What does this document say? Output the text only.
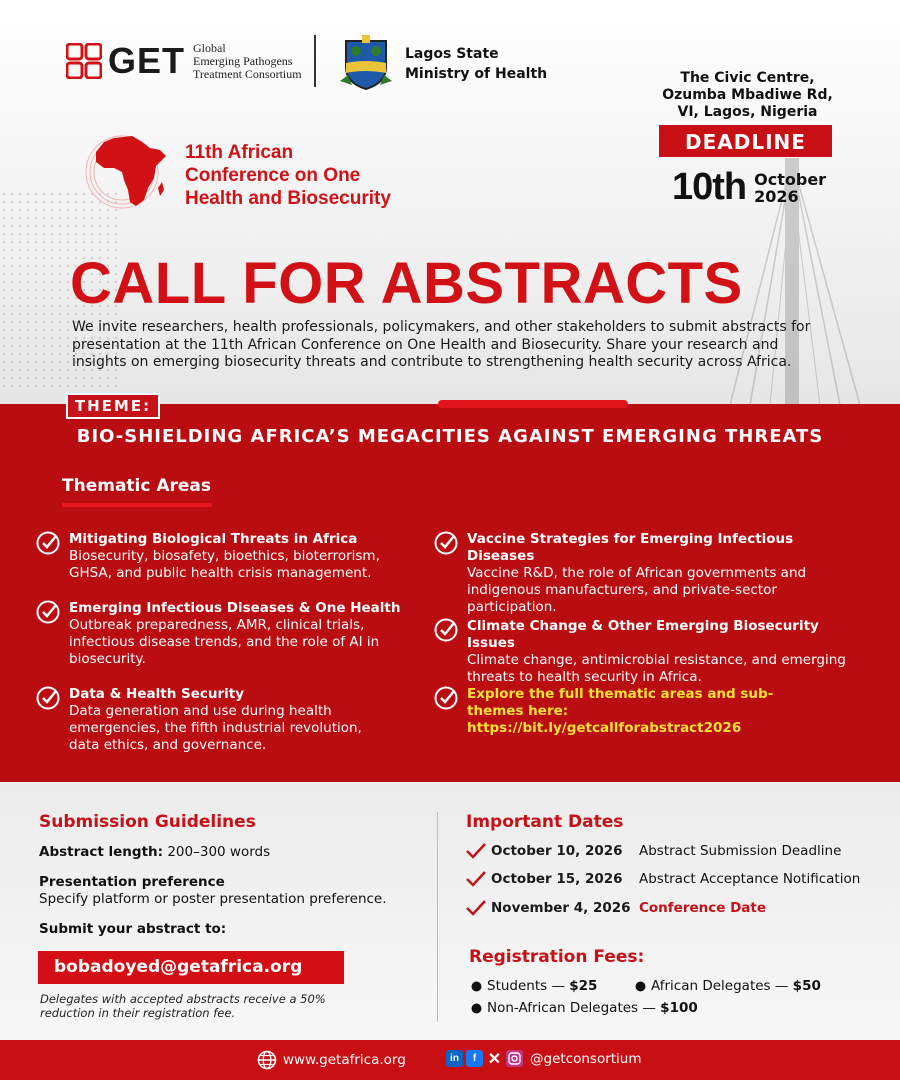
GET Global
Emerging Pathogens
Treatment Consortium
Lagos State
Ministry of Health	The Civic Centre,
Ozumba Mbadiwe Rd,
VI, Lagos, Nigeria
DEADLINE
10th October
2026
11th African
Conference on One
Health and Biosecurity
CALL FOR ABSTRACTS
We invite researchers, health professionals, policymakers, and other stakeholders to submit abstracts for presentation at the 11th African Conference on One Health and Biosecurity. Share your research and insights on emerging biosecurity threats and contribute to strengthening health security across Africa.
THEME:
BIO-SHIELDING AFRICA’S MEGACITIES AGAINST EMERGING THREATS
Thematic Areas
Mitigating Biological Threats in Africa
Biosecurity, biosafety, bioethics, bioterrorism, GHSA, and public health crisis management.
Emerging Infectious Diseases & One Health
Outbreak preparedness, AMR, clinical trials, infectious disease trends, and the role of AI in biosecurity.
Data & Health Security
Data generation and use during health emergencies, the fifth industrial revolution, data ethics, and governance.
Vaccine Strategies for Emerging Infectious Diseases
Vaccine R&D, the role of African governments and indigenous manufacturers, and private-sector participation.
Climate Change & Other Emerging Biosecurity Issues
Climate change, antimicrobial resistance, and emerging threats to health security in Africa.
Explore the full thematic areas and sub-themes here: https://bit.ly/getcallforabstract2026
Submission Guidelines
Abstract length: 200–300 words
Presentation preference
Specify platform or poster presentation preference.
Submit your abstract to:
bobadoyed@getafrica.org
Delegates with accepted abstracts receive a 50% reduction in their registration fee.
Important Dates
October 10, 2026	Abstract Submission Deadline
October 15, 2026	Abstract Acceptance Notification
November 4, 2026 Conference Date
Registration Fees:
Students —
$25	African Delegates —
$50
Non-African Delegates —
$100
www.getafrica.org	in	f ✕ @getconsortium
